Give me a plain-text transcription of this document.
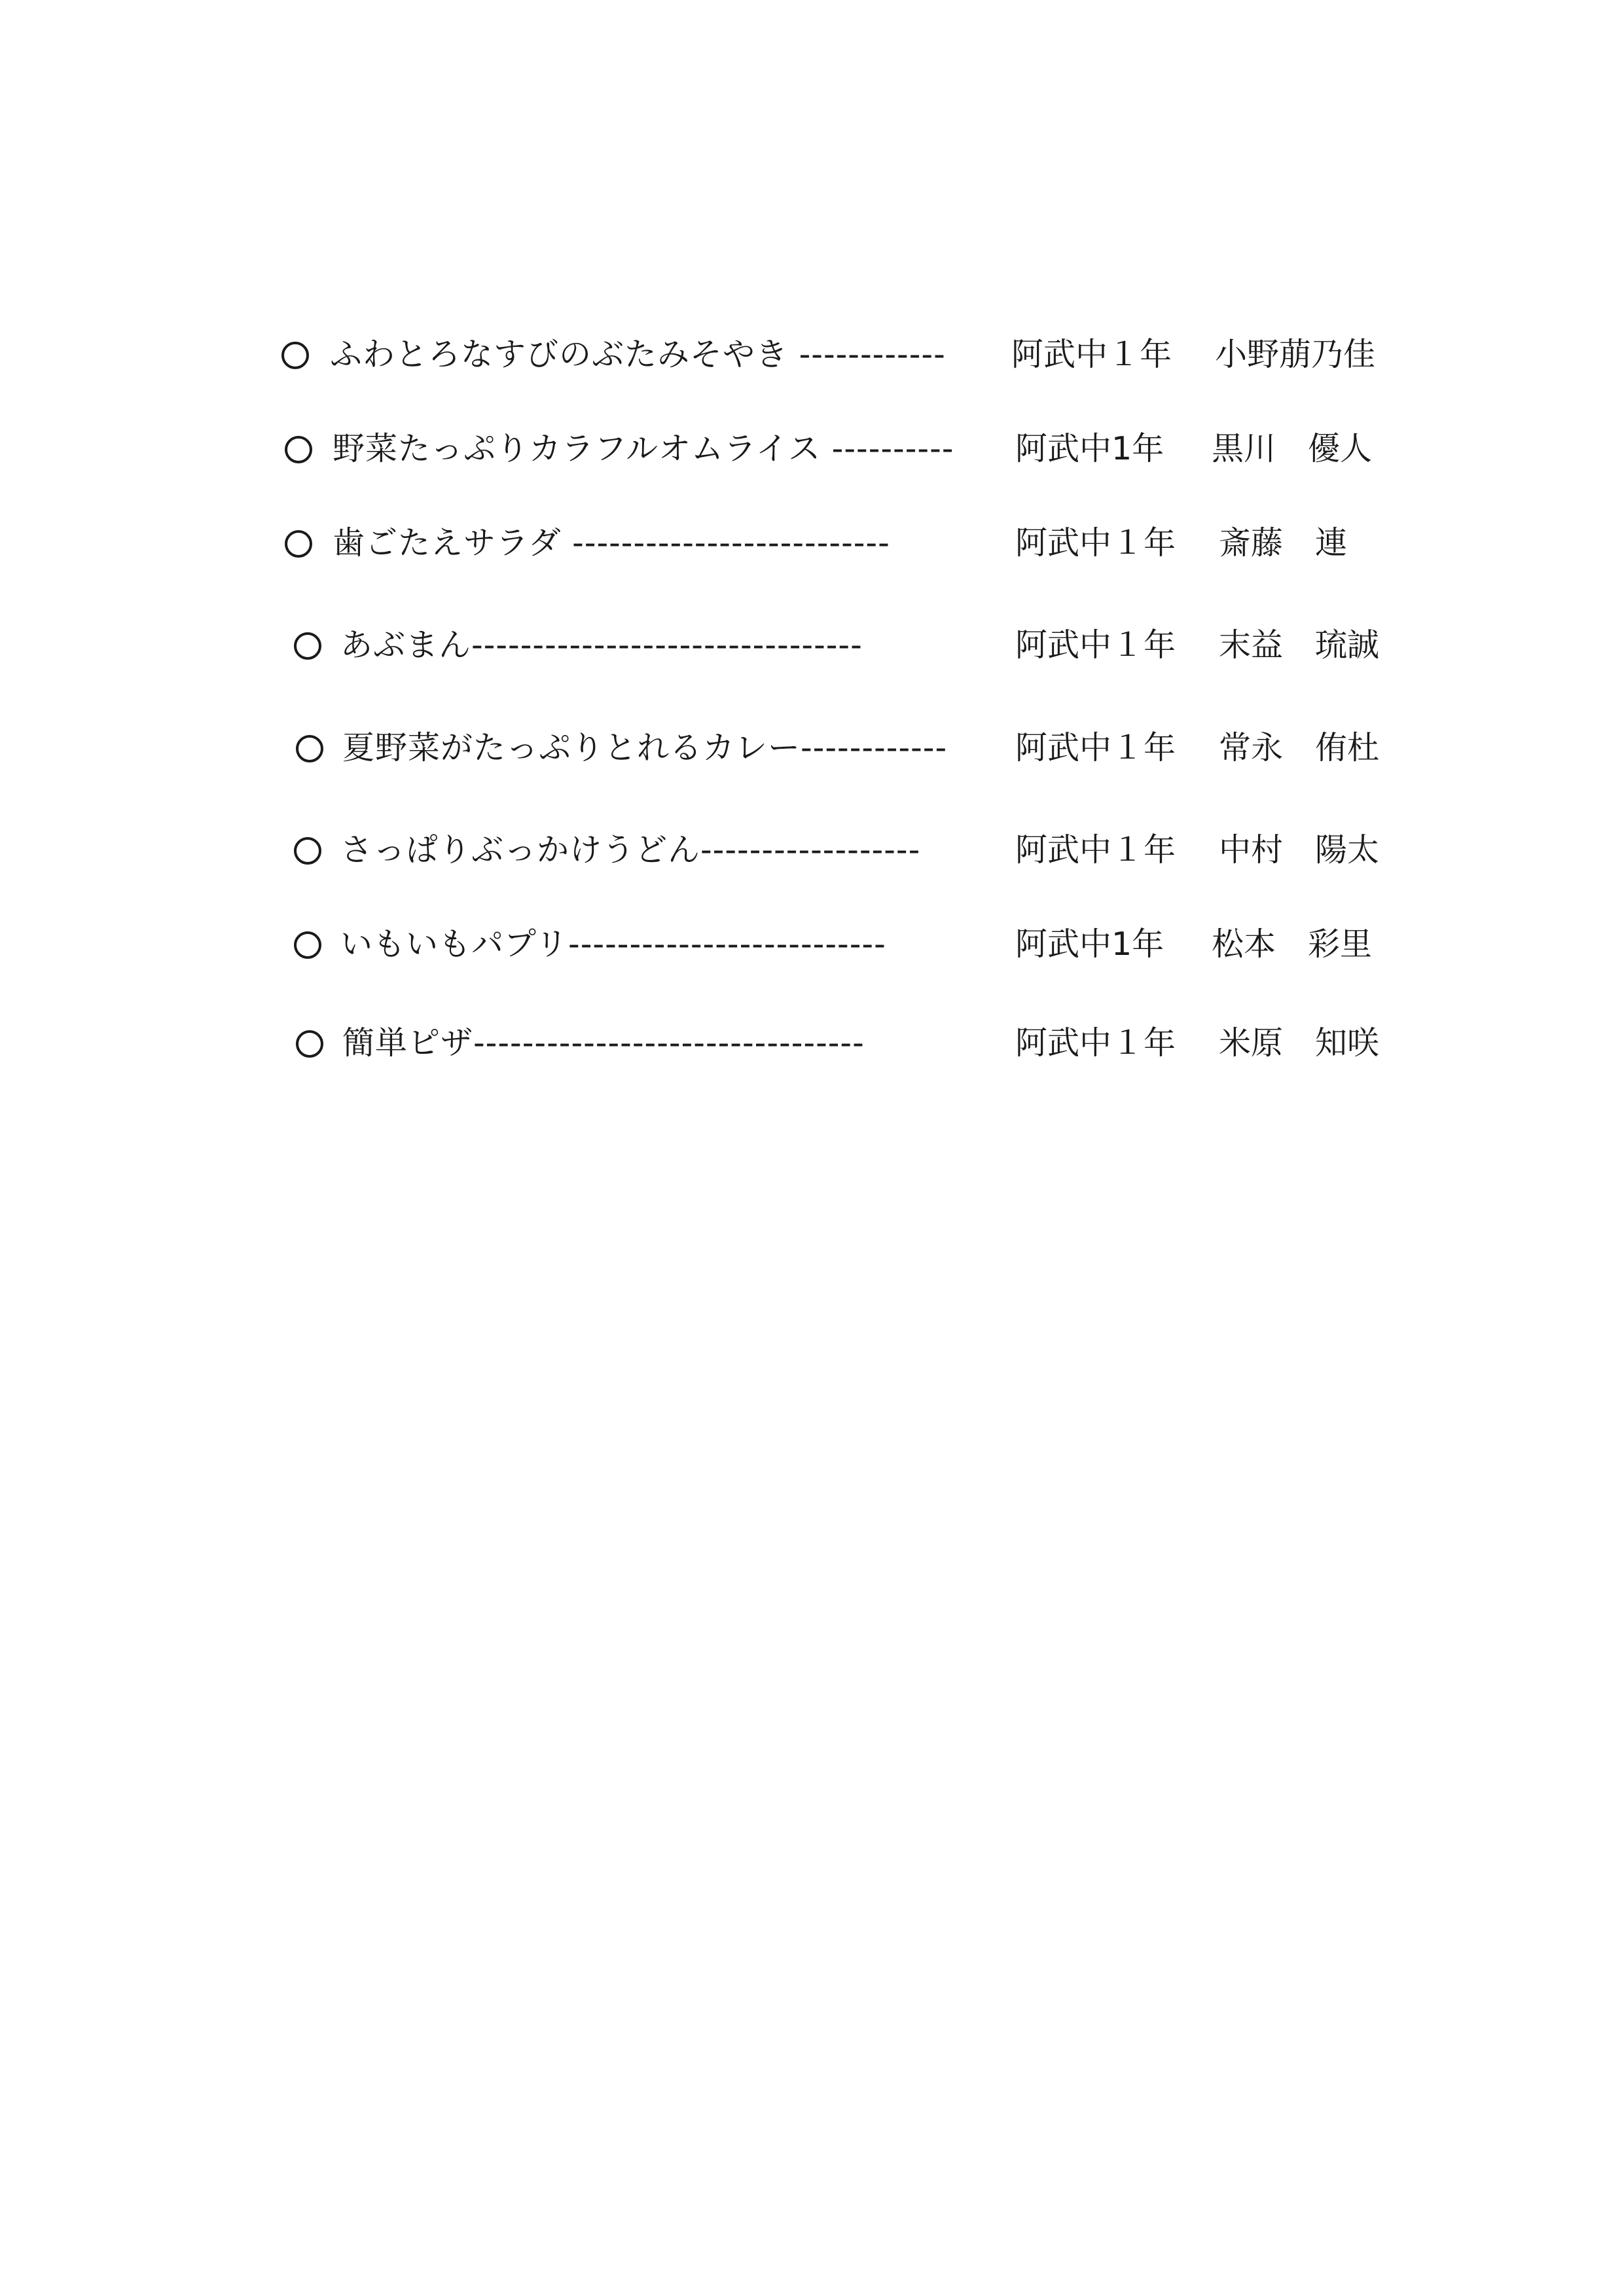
ふわとろなすびのぶたみそやき ------------ 阿武中１年 小野萠乃佳
野菜たっぷりカラフルオムライス ---------- 阿武中1年 黒川　優人
歯ごたえサラダ --------------------------	阿武中１年 斎藤　連
あぶまん--------------------------------	阿武中１年 末益　琉誠
夏野菜がたっぷりとれるカレー------------ 阿武中１年 常永　侑杜
さっぱりぶっかけうどん------------------	阿武中１年 中村　陽太
いもいもパプリ--------------------------	阿武中1年 松本　彩里
簡単ピザ--------------------------------	阿武中１年 米原　知咲
